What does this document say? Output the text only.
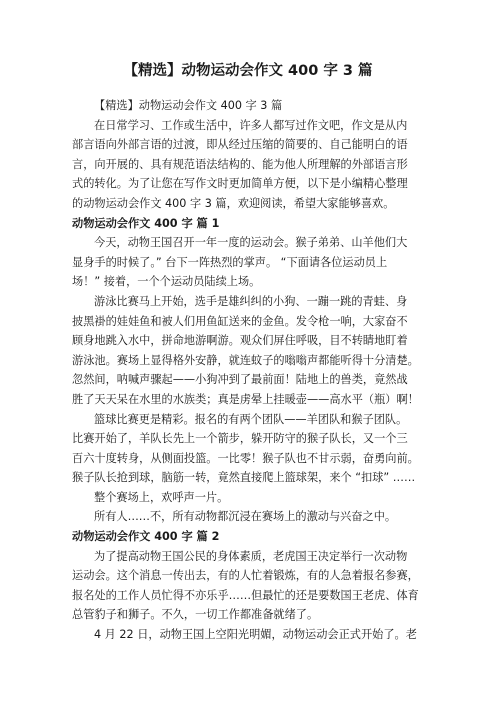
【精选】动物运动会作文 400 字 3 篇
【精选】动物运动会作文 400 字 3 篇
在日常学习、工作或生活中，许多人都写过作文吧，作文是从内
部言语向外部言语的过渡，即从经过压缩的简要的、自己能明白的语
言，向开展的、具有规范语法结构的、能为他人所理解的外部语言形
式的转化。为了让您在写作文时更加简单方便，以下是小编精心整理
的动物运动会作文 400 字 3 篇，欢迎阅读，希望大家能够喜欢。
动物运动会作文 400 字 篇 1
今天，动物王国召开一年一度的运动会。猴子弟弟、山羊他们大
显身手的时候了。” 台下一阵热烈的掌声。 “下面请各位运动员上
场！” 接着，一个个运动员陆续上场。
游泳比赛马上开始，选手是雄纠纠的小狗、一蹦一跳的青蛙、身
披黑褂的娃娃鱼和被人们用鱼缸送来的金鱼。发令枪一响，大家奋不
顾身地跳入水中，拼命地游啊游。观众们屏住呼吸，目不转睛地盯着
游泳池。赛场上显得格外安静，就连蚊子的嗡嗡声都能听得十分清楚。
忽然间，呐喊声骤起——小狗冲到了最前面！陆地上的兽类，竟然战
胜了天天呆在水里的水族类；真是虏晕上挂暖壶——高水平（瓶）啊！
篮球比赛更是精彩。报名的有两个团队——羊团队和猴子团队。
比赛开始了，羊队长先上一个箭步，躲开防守的猴子队长，又一个三
百六十度转身，从侧面投篮。一比零！猴子队也不甘示弱，奋勇向前。
猴子队长抢到球，脑筋一转，竟然直接爬上篮球架，来个 “扣球” ……
整个赛场上，欢呼声一片。
所有人……不，所有动物都沉浸在赛场上的激动与兴奋之中。
动物运动会作文 400 字 篇 2
为了提高动物王国公民的身体素质，老虎国王决定举行一次动物
运动会。这个消息一传出去，有的人忙着锻炼，有的人急着报名参赛，
报名处的工作人员忙得不亦乐乎……但最忙的还是要数国王老虎、体育
总管豹子和狮子。不久，一切工作都准备就绪了。
4 月 22 日，动物王国上空阳光明媚，动物运动会正式开始了。老
